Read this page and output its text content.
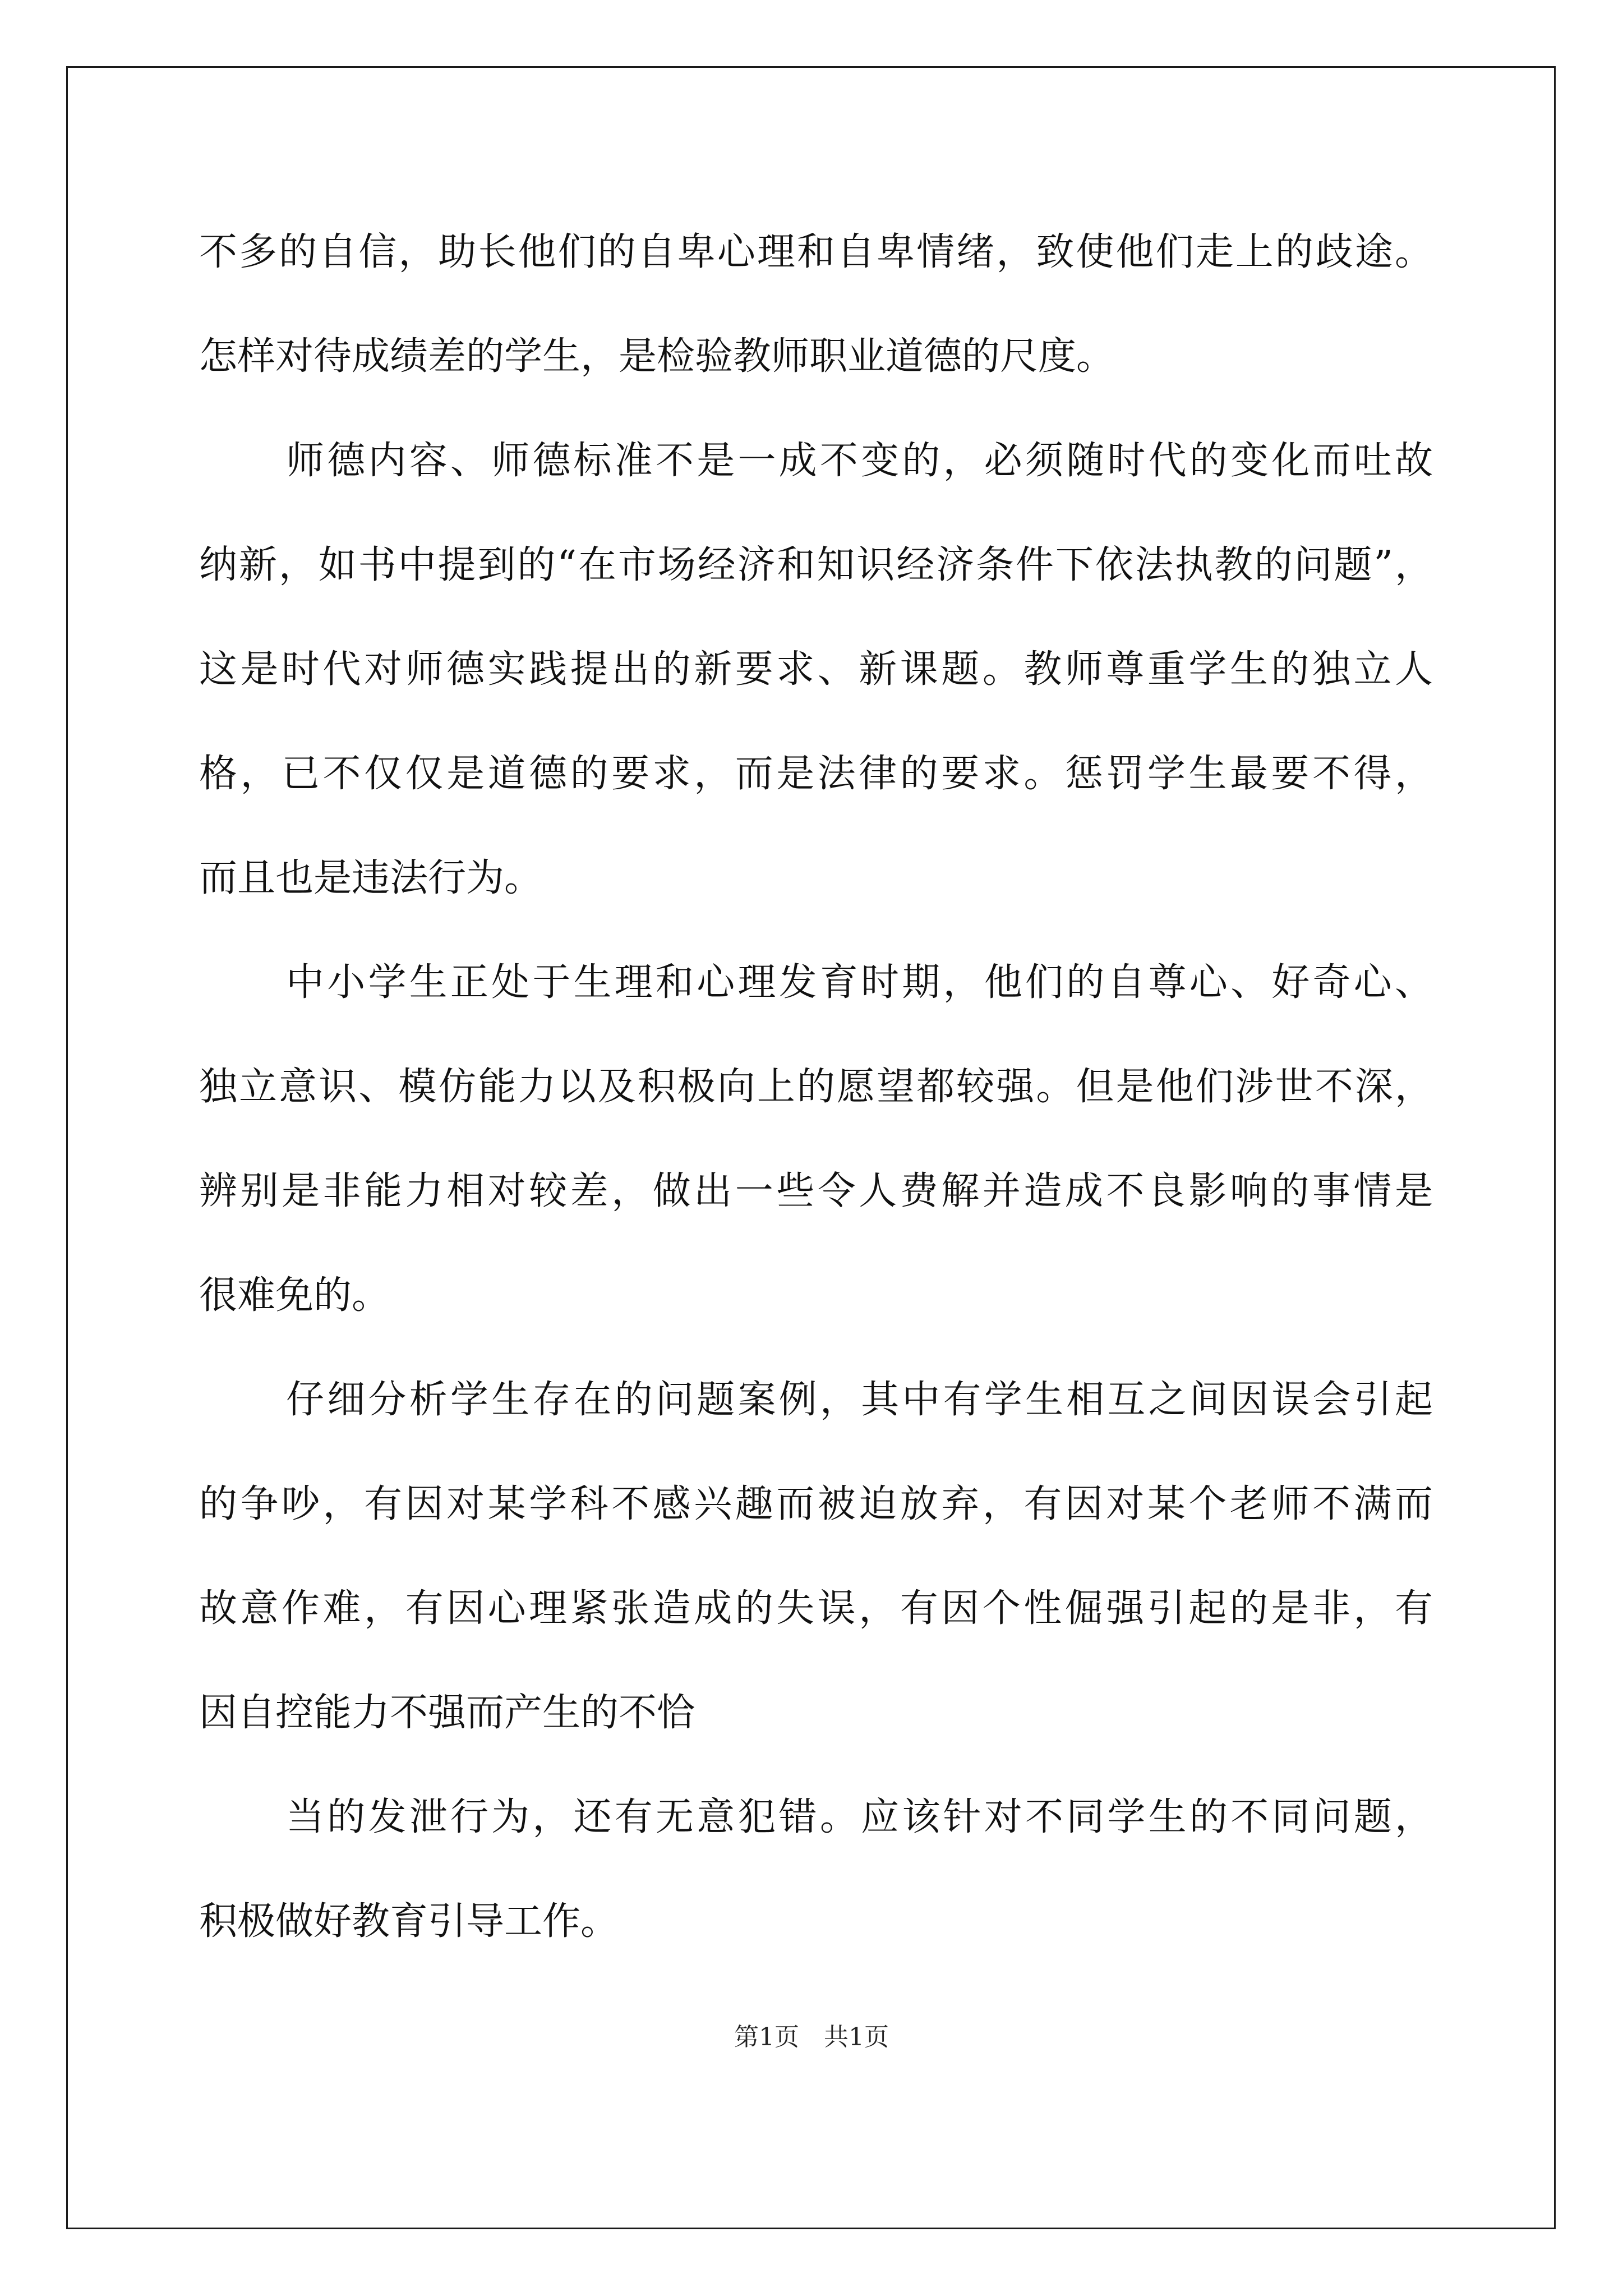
不多的自信，助长他们的自卑心理和自卑情绪，致使他们走上的歧途。
怎样对待成绩差的学生，是检验教师职业道德的尺度。
师德内容、师德标准不是一成不变的，必须随时代的变化而吐故
纳新，如书中提到的“在市场经济和知识经济条件下依法执教的问题”，
这是时代对师德实践提出的新要求、新课题。教师尊重学生的独立人
格，已不仅仅是道德的要求，而是法律的要求。惩罚学生最要不得，
而且也是违法行为。
中小学生正处于生理和心理发育时期，他们的自尊心、好奇心、
独立意识、模仿能力以及积极向上的愿望都较强。但是他们涉世不深，
辨别是非能力相对较差，做出一些令人费解并造成不良影响的事情是
很难免的。
仔细分析学生存在的问题案例，其中有学生相互之间因误会引起
的争吵，有因对某学科不感兴趣而被迫放弃，有因对某个老师不满而
故意作难，有因心理紧张造成的失误，有因个性倔强引起的是非，有
因自控能力不强而产生的不恰
当的发泄行为，还有无意犯错。应该针对不同学生的不同问题，
积极做好教育引导工作。
第1页　共1页
